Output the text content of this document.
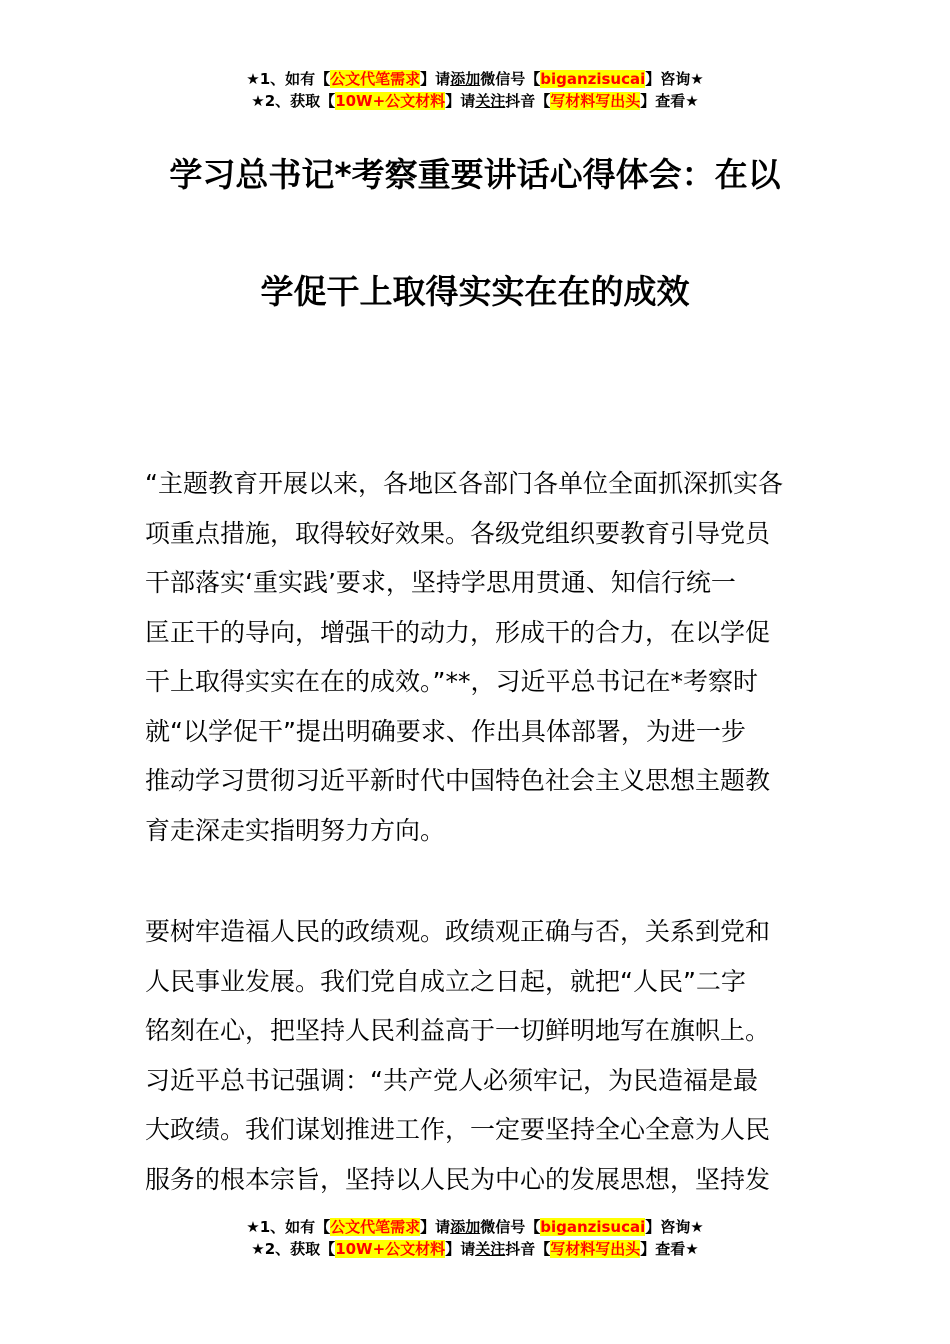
★1、如有【公文代笔需求】请添加微信号【biganzisucai】咨询★
★2、获取【10W+公文材料】请关注抖音【写材料写出头】查看★
学习总书记*考察重要讲话心得体会：在以
学促干上取得实实在在的成效
“主题教育开展以来，各地区各部门各单位全面抓深抓实各
项重点措施，取得较好效果。各级党组织要教育引导党员
干部落实‘重实践’要求，坚持学思用贯通、知信行统一
匡正干的导向，增强干的动力，形成干的合力，在以学促
干上取得实实在在的成效。”**，习近平总书记在*考察时
就“以学促干”提出明确要求、作出具体部署，为进一步
推动学习贯彻习近平新时代中国特色社会主义思想主题教
育走深走实指明努力方向。
要树牢造福人民的政绩观。政绩观正确与否，关系到党和
人民事业发展。我们党自成立之日起，就把“人民”二字
铭刻在心，把坚持人民利益高于一切鲜明地写在旗帜上。
习近平总书记强调：“共产党人必须牢记，为民造福是最
大政绩。我们谋划推进工作，一定要坚持全心全意为人民
服务的根本宗旨，坚持以人民为中心的发展思想，坚持发
★1、如有【公文代笔需求】请添加微信号【biganzisucai】咨询★
★2、获取【10W+公文材料】请关注抖音【写材料写出头】查看★
